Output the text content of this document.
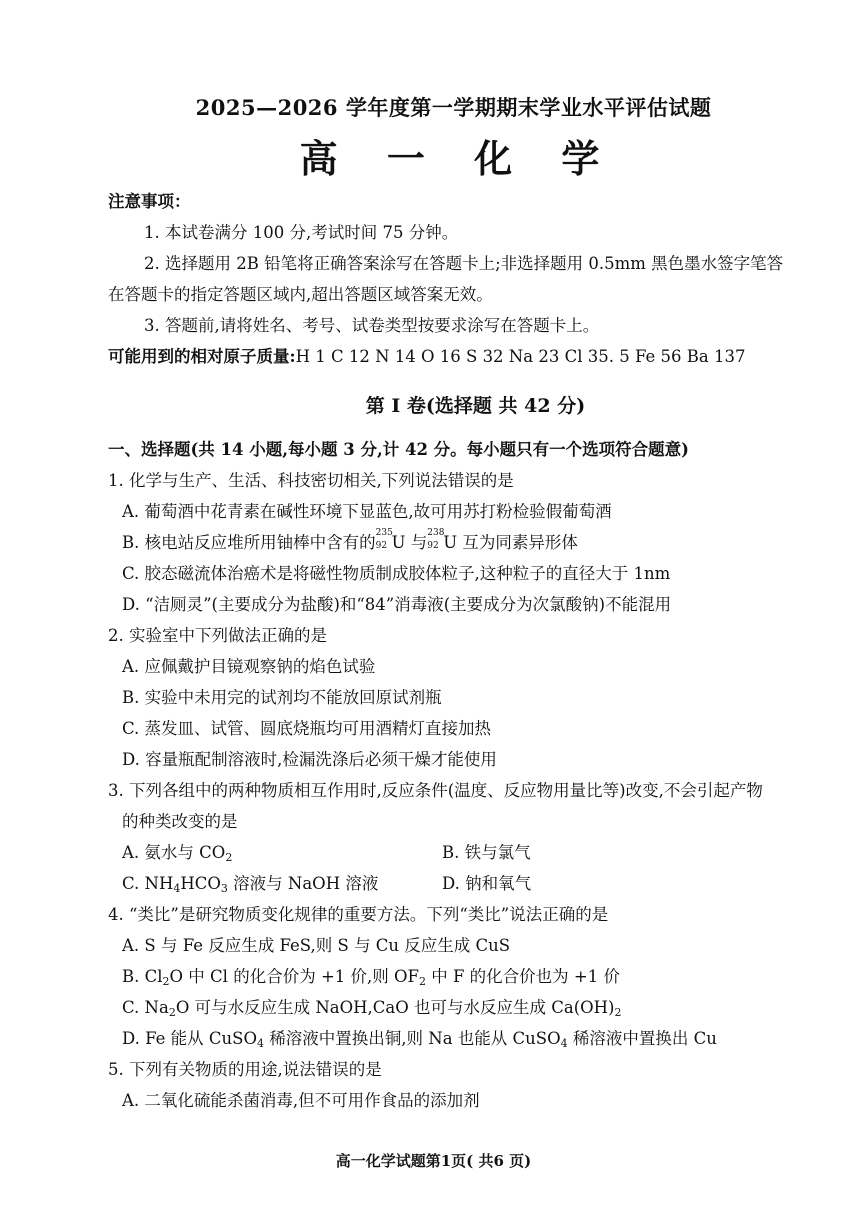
2025—2026 学年度第一学期期末学业水平评估试题
高 一 化 学
注意事项：
1. 本试卷满分 100 分,考试时间 75 分钟。
2. 选择题用 2B 铅笔将正确答案涂写在答题卡上;非选择题用 0.5mm 黑色墨水签字笔答
在答题卡的指定答题区域内,超出答题区域答案无效。
3. 答题前,请将姓名、考号、试卷类型按要求涂写在答题卡上。
可能用到的相对原子质量:H 1 C 12 N 14 O 16 S 32 Na 23 Cl 35. 5 Fe 56 Ba 137
第 Ⅰ 卷(选择题 共 42 分)
一、选择题(共 14 小题,每小题 3 分,计 42 分。每小题只有一个选项符合题意)
1. 化学与生产、生活、科技密切相关,下列说法错误的是
A. 葡萄酒中花青素在碱性环境下显蓝色,故可用苏打粉检验假葡萄酒
B. 核电站反应堆所用铀棒中含有的 235
92 U 与 238
92 U 互为同素异形体
C. 胶态磁流体治癌术是将磁性物质制成胶体粒子,这种粒子的直径大于 1nm
D. “洁厕灵”(主要成分为盐酸)和“84”消毒液(主要成分为次氯酸钠)不能混用
2. 实验室中下列做法正确的是
A. 应佩戴护目镜观察钠的焰色试验
B. 实验中未用完的试剂均不能放回原试剂瓶
C. 蒸发皿、试管、圆底烧瓶均可用酒精灯直接加热
D. 容量瓶配制溶液时,检漏洗涤后必须干燥才能使用
3. 下列各组中的两种物质相互作用时,反应条件(温度、反应物用量比等)改变,不会引起产物
的种类改变的是
A. 氨水与 $CO_2$	B. 铁与氯气
C. $NH_4HCO_3$ 溶液与 NaOH 溶液	D. 钠和氧气
4. “类比”是研究物质变化规律的重要方法。下列“类比”说法正确的是
A. S 与 Fe 反应生成 FeS,则 S 与 Cu 反应生成 CuS
B. $Cl_2O$ 中 Cl 的化合价为 +1 价,则 $OF_2$ 中 F 的化合价也为 +1 价
C. $Na_2O$ 可与水反应生成 NaOH,CaO 也可与水反应生成 $Ca(OH)_2$
D. Fe 能从 CuSO$_4$ 稀溶液中置换出铜,则 Na 也能从 CuSO$_4$ 稀溶液中置换出 Cu
5. 下列有关物质的用途,说法错误的是
A. 二氧化硫能杀菌消毒,但不可用作食品的添加剂
高一化学试题第1页( 共6 页)
